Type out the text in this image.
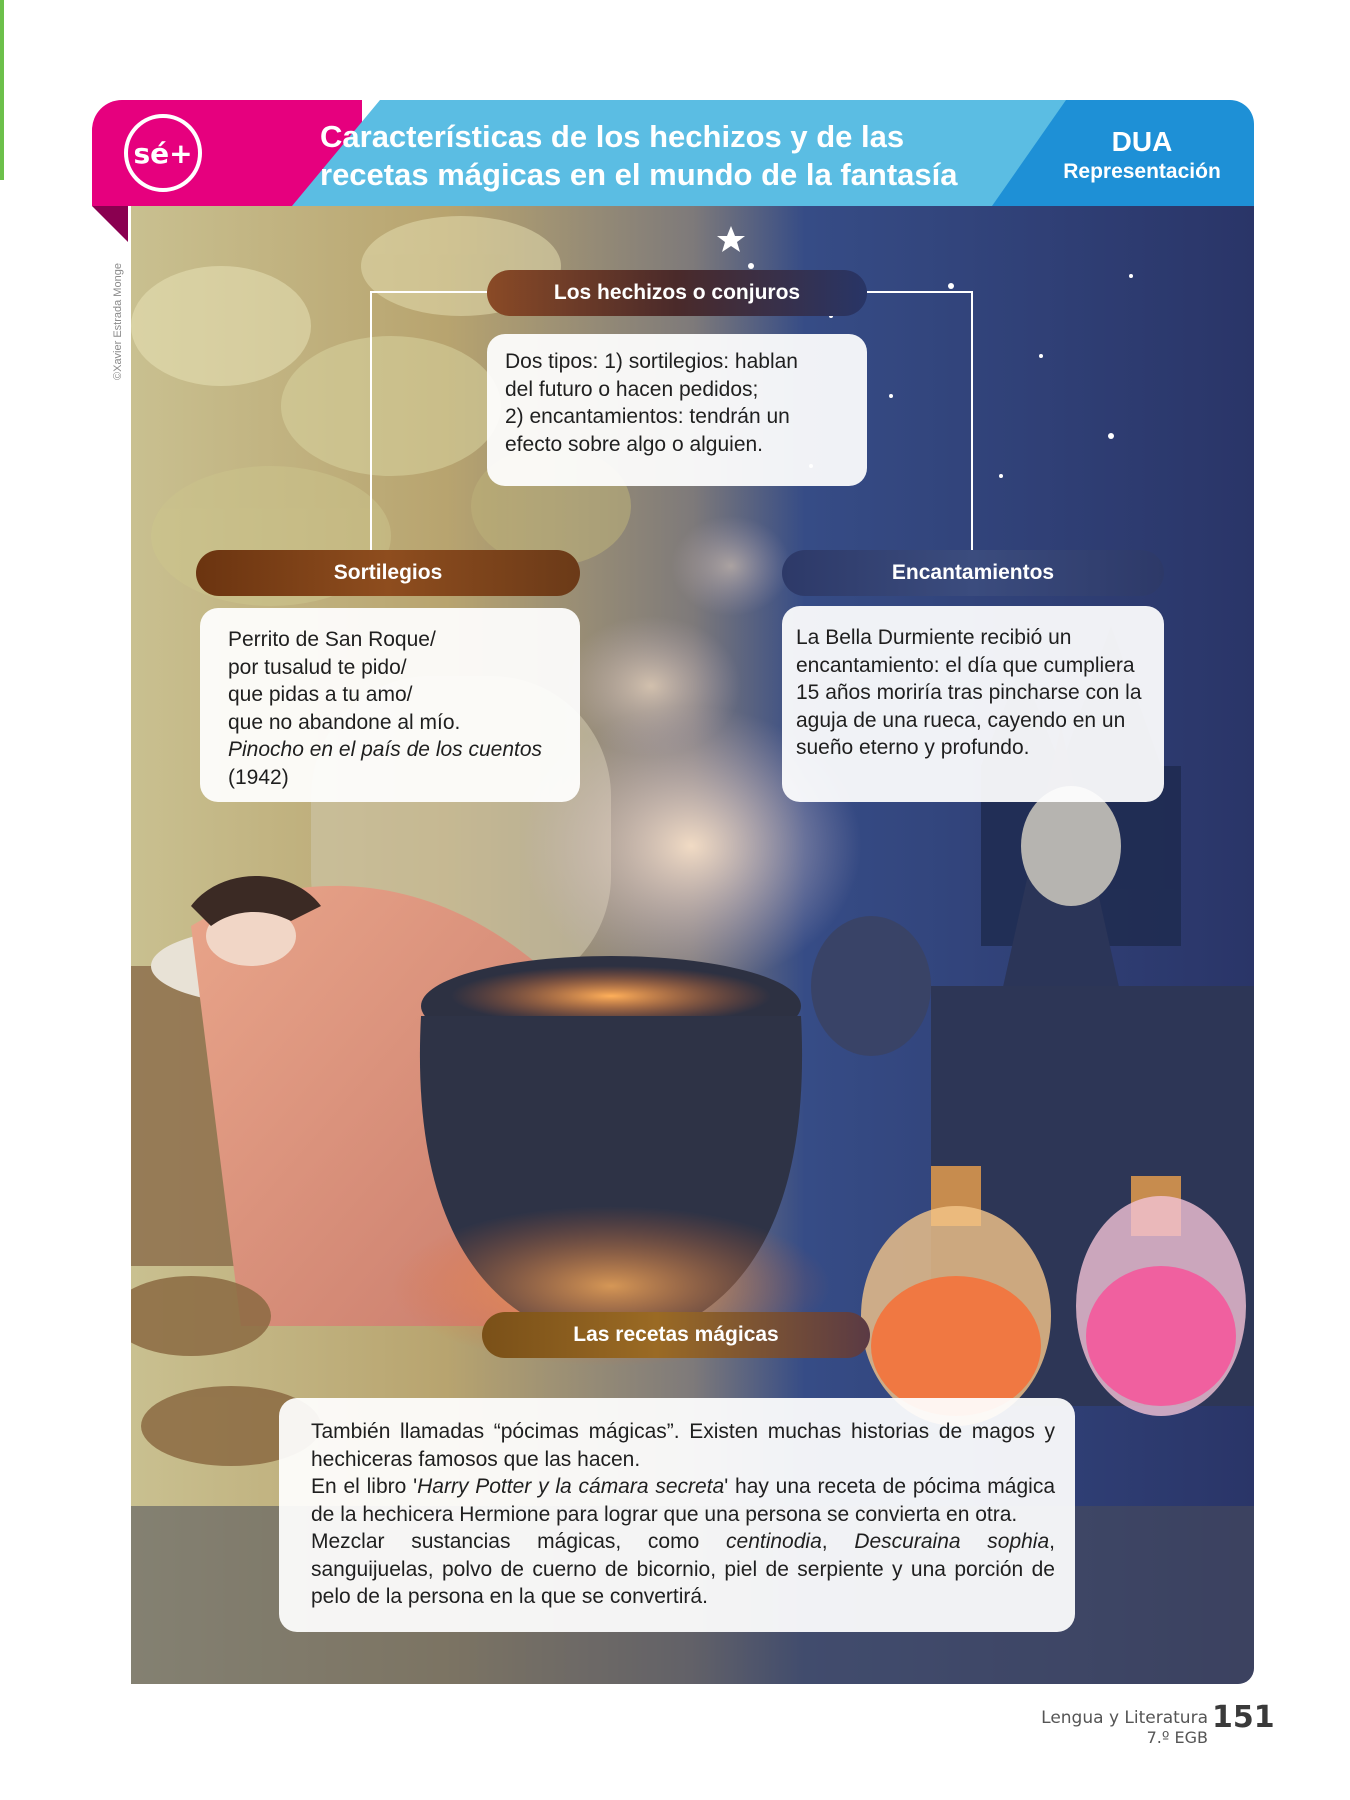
sé+	Características de los hechizos y de las
recetas mágicas en el mundo de la fantasía
DUA
Representación
©Xavier Estrada Monge	Los hechizos o conjuros
Dos tipos: 1) sortilegios: hablan
del futuro o hacen pedidos;
2) encantamientos: tendrán un
efecto sobre algo o alguien.
Sortilegios
Perrito de San Roque/
por tusalud te pido/
que pidas a tu amo/
que no abandone al mío.
Pinocho en el país de los cuentos
(1942)
Encantamientos
La Bella Durmiente recibió un
encantamiento: el día que cumpliera
15 años moriría tras pincharse con la
aguja de una rueca, cayendo en un
sueño eterno y profundo.
Las recetas mágicas
También llamadas “pócimas mágicas”. Existen muchas historias de magos y hechiceras famosos que las hacen.
En el libro 'Harry Potter y la cámara secreta' hay una receta de pócima mágica de la hechicera Hermione para lograr que una persona se convierta en otra.
Mezclar sustancias mágicas, como centinodia, Descuraina sophia, sanguijuelas, polvo de cuerno de bicornio, piel de serpiente y una porción de pelo de la persona en la que se convertirá.
Lengua y Literatura
7.º EGB
151
